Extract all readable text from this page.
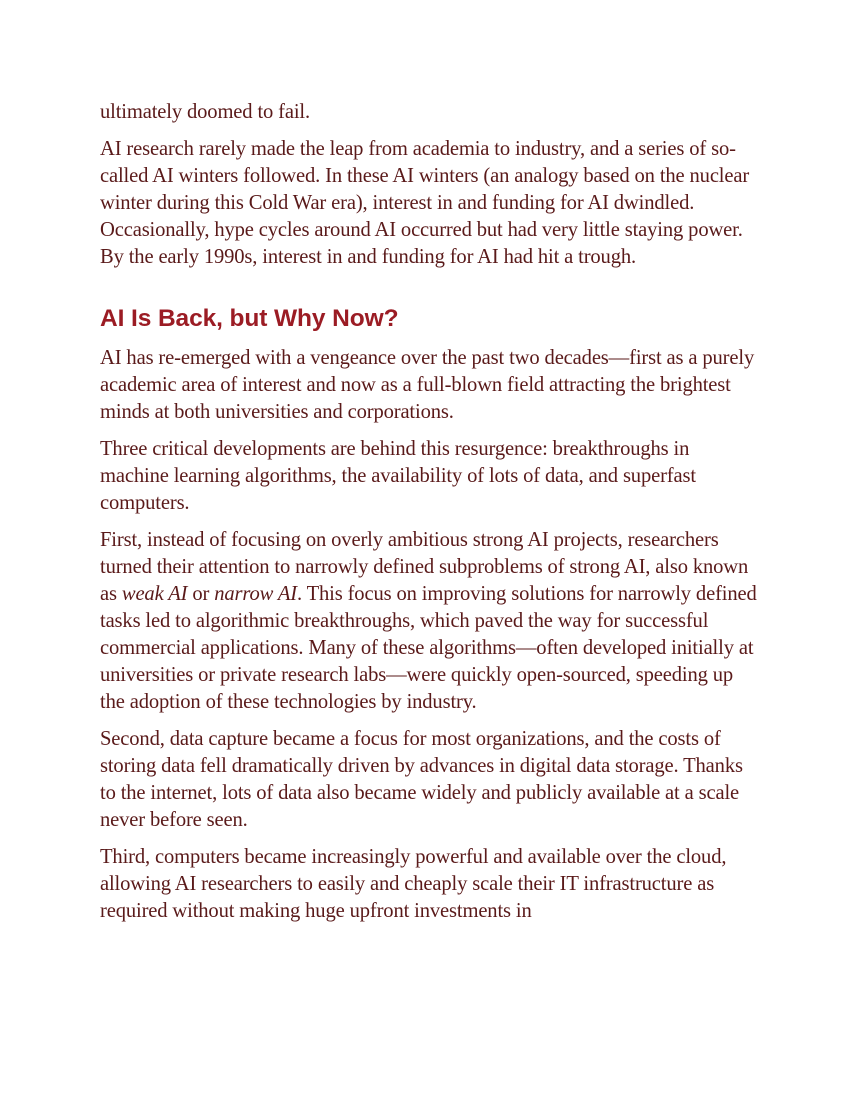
ultimately doomed to fail.

AI research rarely made the leap from academia to industry, and a series of so-called AI winters followed. In these AI winters (an analogy based on the nuclear winter during this Cold War era), interest in and funding for AI dwindled. Occasionally, hype cycles around AI occurred but had very little staying power. By the early 1990s, interest in and funding for AI had hit a trough.

AI Is Back, but Why Now?

AI has re-emerged with a vengeance over the past two decades—first as a purely academic area of interest and now as a full-blown field attracting the brightest minds at both universities and corporations.

Three critical developments are behind this resurgence: breakthroughs in machine learning algorithms, the availability of lots of data, and superfast computers.

First, instead of focusing on overly ambitious strong AI projects, researchers turned their attention to narrowly defined subproblems of strong AI, also known as weak AI or narrow AI. This focus on improving solutions for narrowly defined tasks led to algorithmic breakthroughs, which paved the way for successful commercial applications. Many of these algorithms—often developed initially at universities or private research labs—were quickly open-sourced, speeding up the adoption of these technologies by industry.

Second, data capture became a focus for most organizations, and the costs of storing data fell dramatically driven by advances in digital data storage. Thanks to the internet, lots of data also became widely and publicly available at a scale never before seen.

Third, computers became increasingly powerful and available over the cloud, allowing AI researchers to easily and cheaply scale their IT infrastructure as required without making huge upfront investments in
